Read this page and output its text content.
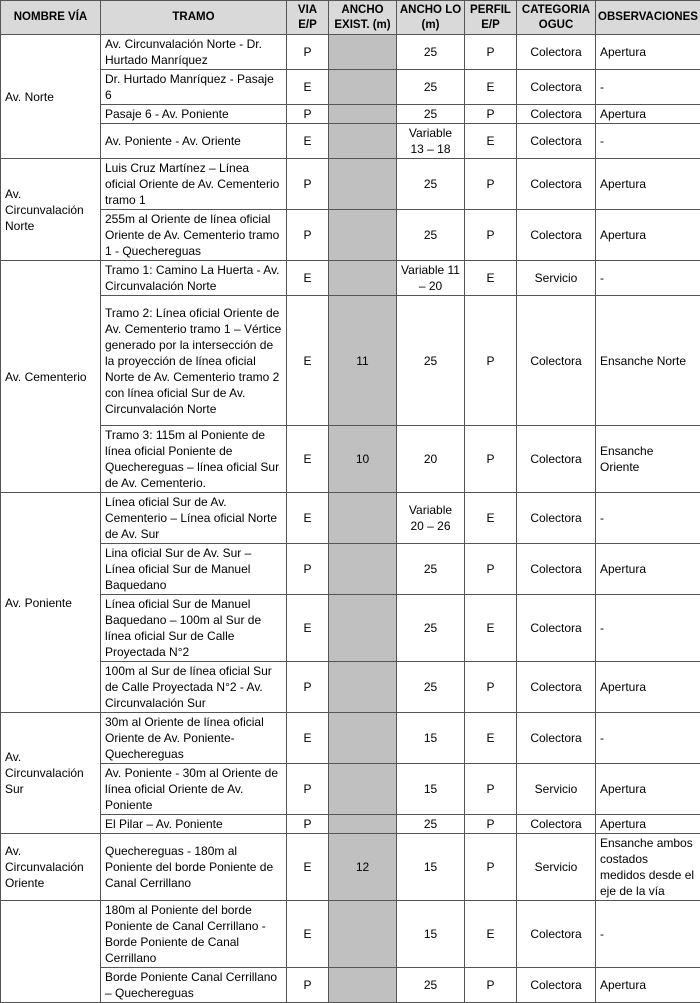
NOMBRE VÍA	TRAMO	VIA E/P	ANCHO EXIST. (m)	ANCHO LO (m)	PERFIL E/P	CATEGORIA OGUC	OBSERVACIONES
Av. Norte	Av. Circunvalación Norte - Dr. Hurtado Manríquez	P		25	P	Colectora	Apertura
	Dr. Hurtado Manríquez - Pasaje 6	E		25	E	Colectora	-
	Pasaje 6 - Av. Poniente	P		25	P	Colectora	Apertura
	Av. Poniente - Av. Oriente	E		Variable 13 – 18	E	Colectora	-
Av. Circunvalación Norte	Luis Cruz Martínez – Línea oficial Oriente de Av. Cementerio tramo 1	P		25	P	Colectora	Apertura
	255m al Oriente de línea oficial Oriente de Av. Cementerio tramo 1 - Quechereguas	P		25	P	Colectora	Apertura
Av. Cementerio	Tramo 1: Camino La Huerta - Av. Circunvalación Norte	E		Variable 11 – 20	E	Servicio	-
	Tramo 2: Línea oficial Oriente de Av. Cementerio tramo 1 – Vértice generado por la intersección de la proyección de línea oficial Norte de Av. Cementerio tramo 2 con línea oficial Sur de Av. Circunvalación Norte	E	11	25	P	Colectora	Ensanche Norte
	Tramo 3: 115m al Poniente de línea oficial Poniente de Quechereguas – línea oficial Sur de Av. Cementerio.	E	10	20	P	Colectora	Ensanche Oriente
Av. Poniente	Línea oficial Sur de Av. Cementerio – Línea oficial Norte de Av. Sur	E		Variable 20 – 26	E	Colectora	-
	Lina oficial Sur de Av. Sur – Línea oficial Sur de Manuel Baquedano	P		25	P	Colectora	Apertura
	Línea oficial Sur de Manuel Baquedano – 100m al Sur de línea oficial Sur de Calle Proyectada N°2	E		25	E	Colectora	-
	100m al Sur de línea oficial Sur de Calle Proyectada N°2 - Av. Circunvalación Sur	P		25	P	Colectora	Apertura
Av. Circunvalación Sur	30m al Oriente de línea oficial Oriente de Av. Poniente-Quechereguas	E		15	E	Colectora	-
	Av. Poniente - 30m al Oriente de línea oficial Oriente de Av. Poniente	P		15	P	Servicio	Apertura
	El Pilar – Av. Poniente	P		25	P	Colectora	Apertura
Av. Circunvalación Oriente	Quechereguas - 180m al Poniente del borde Poniente de Canal Cerrillano	E	12	15	P	Servicio	Ensanche ambos costados medidos desde el eje de la vía
	180m al Poniente del borde Poniente de Canal Cerrillano - Borde Poniente de Canal Cerrillano	E		15	E	Colectora	-
	Borde Poniente Canal Cerrillano – Quechereguas	P		25	P	Colectora	Apertura
